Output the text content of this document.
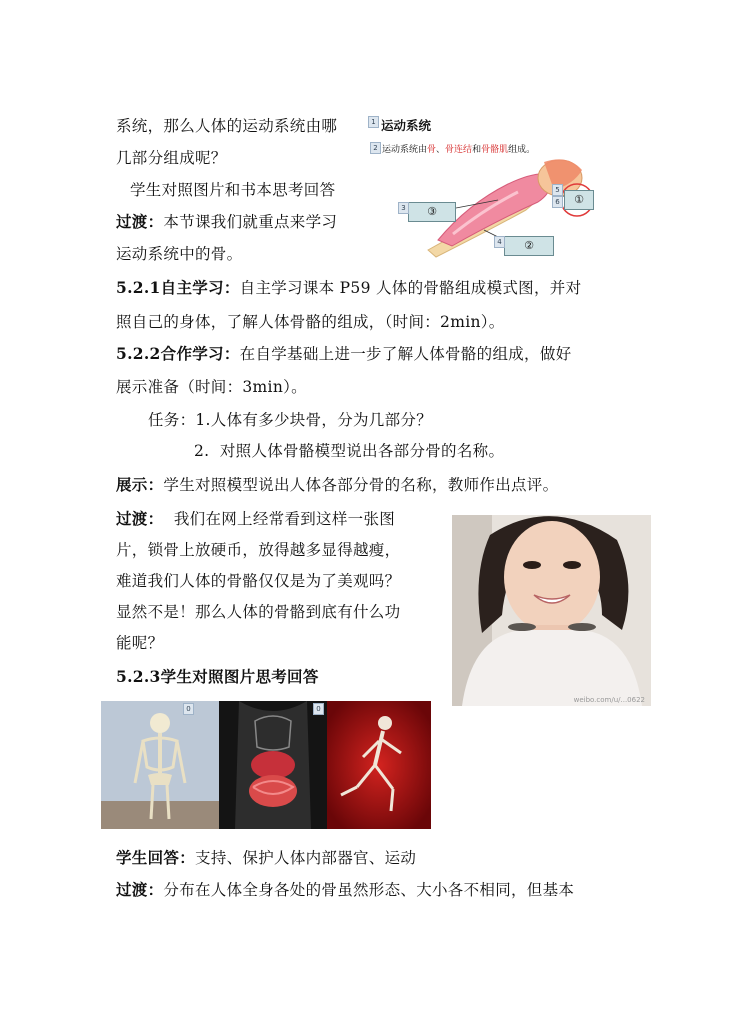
系统，那么人体的运动系统由哪
几部分组成呢？
学生对照图片和书本思考回答
过渡：本节课我们就重点来学习
运动系统中的骨。
1 运动系统
2 运动系统由骨、骨连结和骨骼肌组成。
③
3
①
5
6
②
4
5.2.1自主学习：自主学习课本 P59 人体的骨骼组成模式图，并对
照自己的身体，了解人体骨骼的组成，（时间：2min）。
5.2.2合作学习：在自学基础上进一步了解人体骨骼的组成，做好
展示准备（时间：3min）。
任务：1.人体有多少块骨，分为几部分？
2.  对照人体骨骼模型说出各部分骨的名称。
展示：学生对照模型说出人体各部分骨的名称，教师作出点评。
过渡：  我们在网上经常看到这样一张图
片，锁骨上放硬币，放得越多显得越瘦，
难道我们人体的骨骼仅仅是为了美观吗？
显然不是！那么人体的骨骼到底有什么功
能呢？
weibo.com/u/...0622
5.2.3学生对照图片思考回答
0	0
学生回答：支持、保护人体内部器官、运动
过渡：分布在人体全身各处的骨虽然形态、大小各不相同，但基本
